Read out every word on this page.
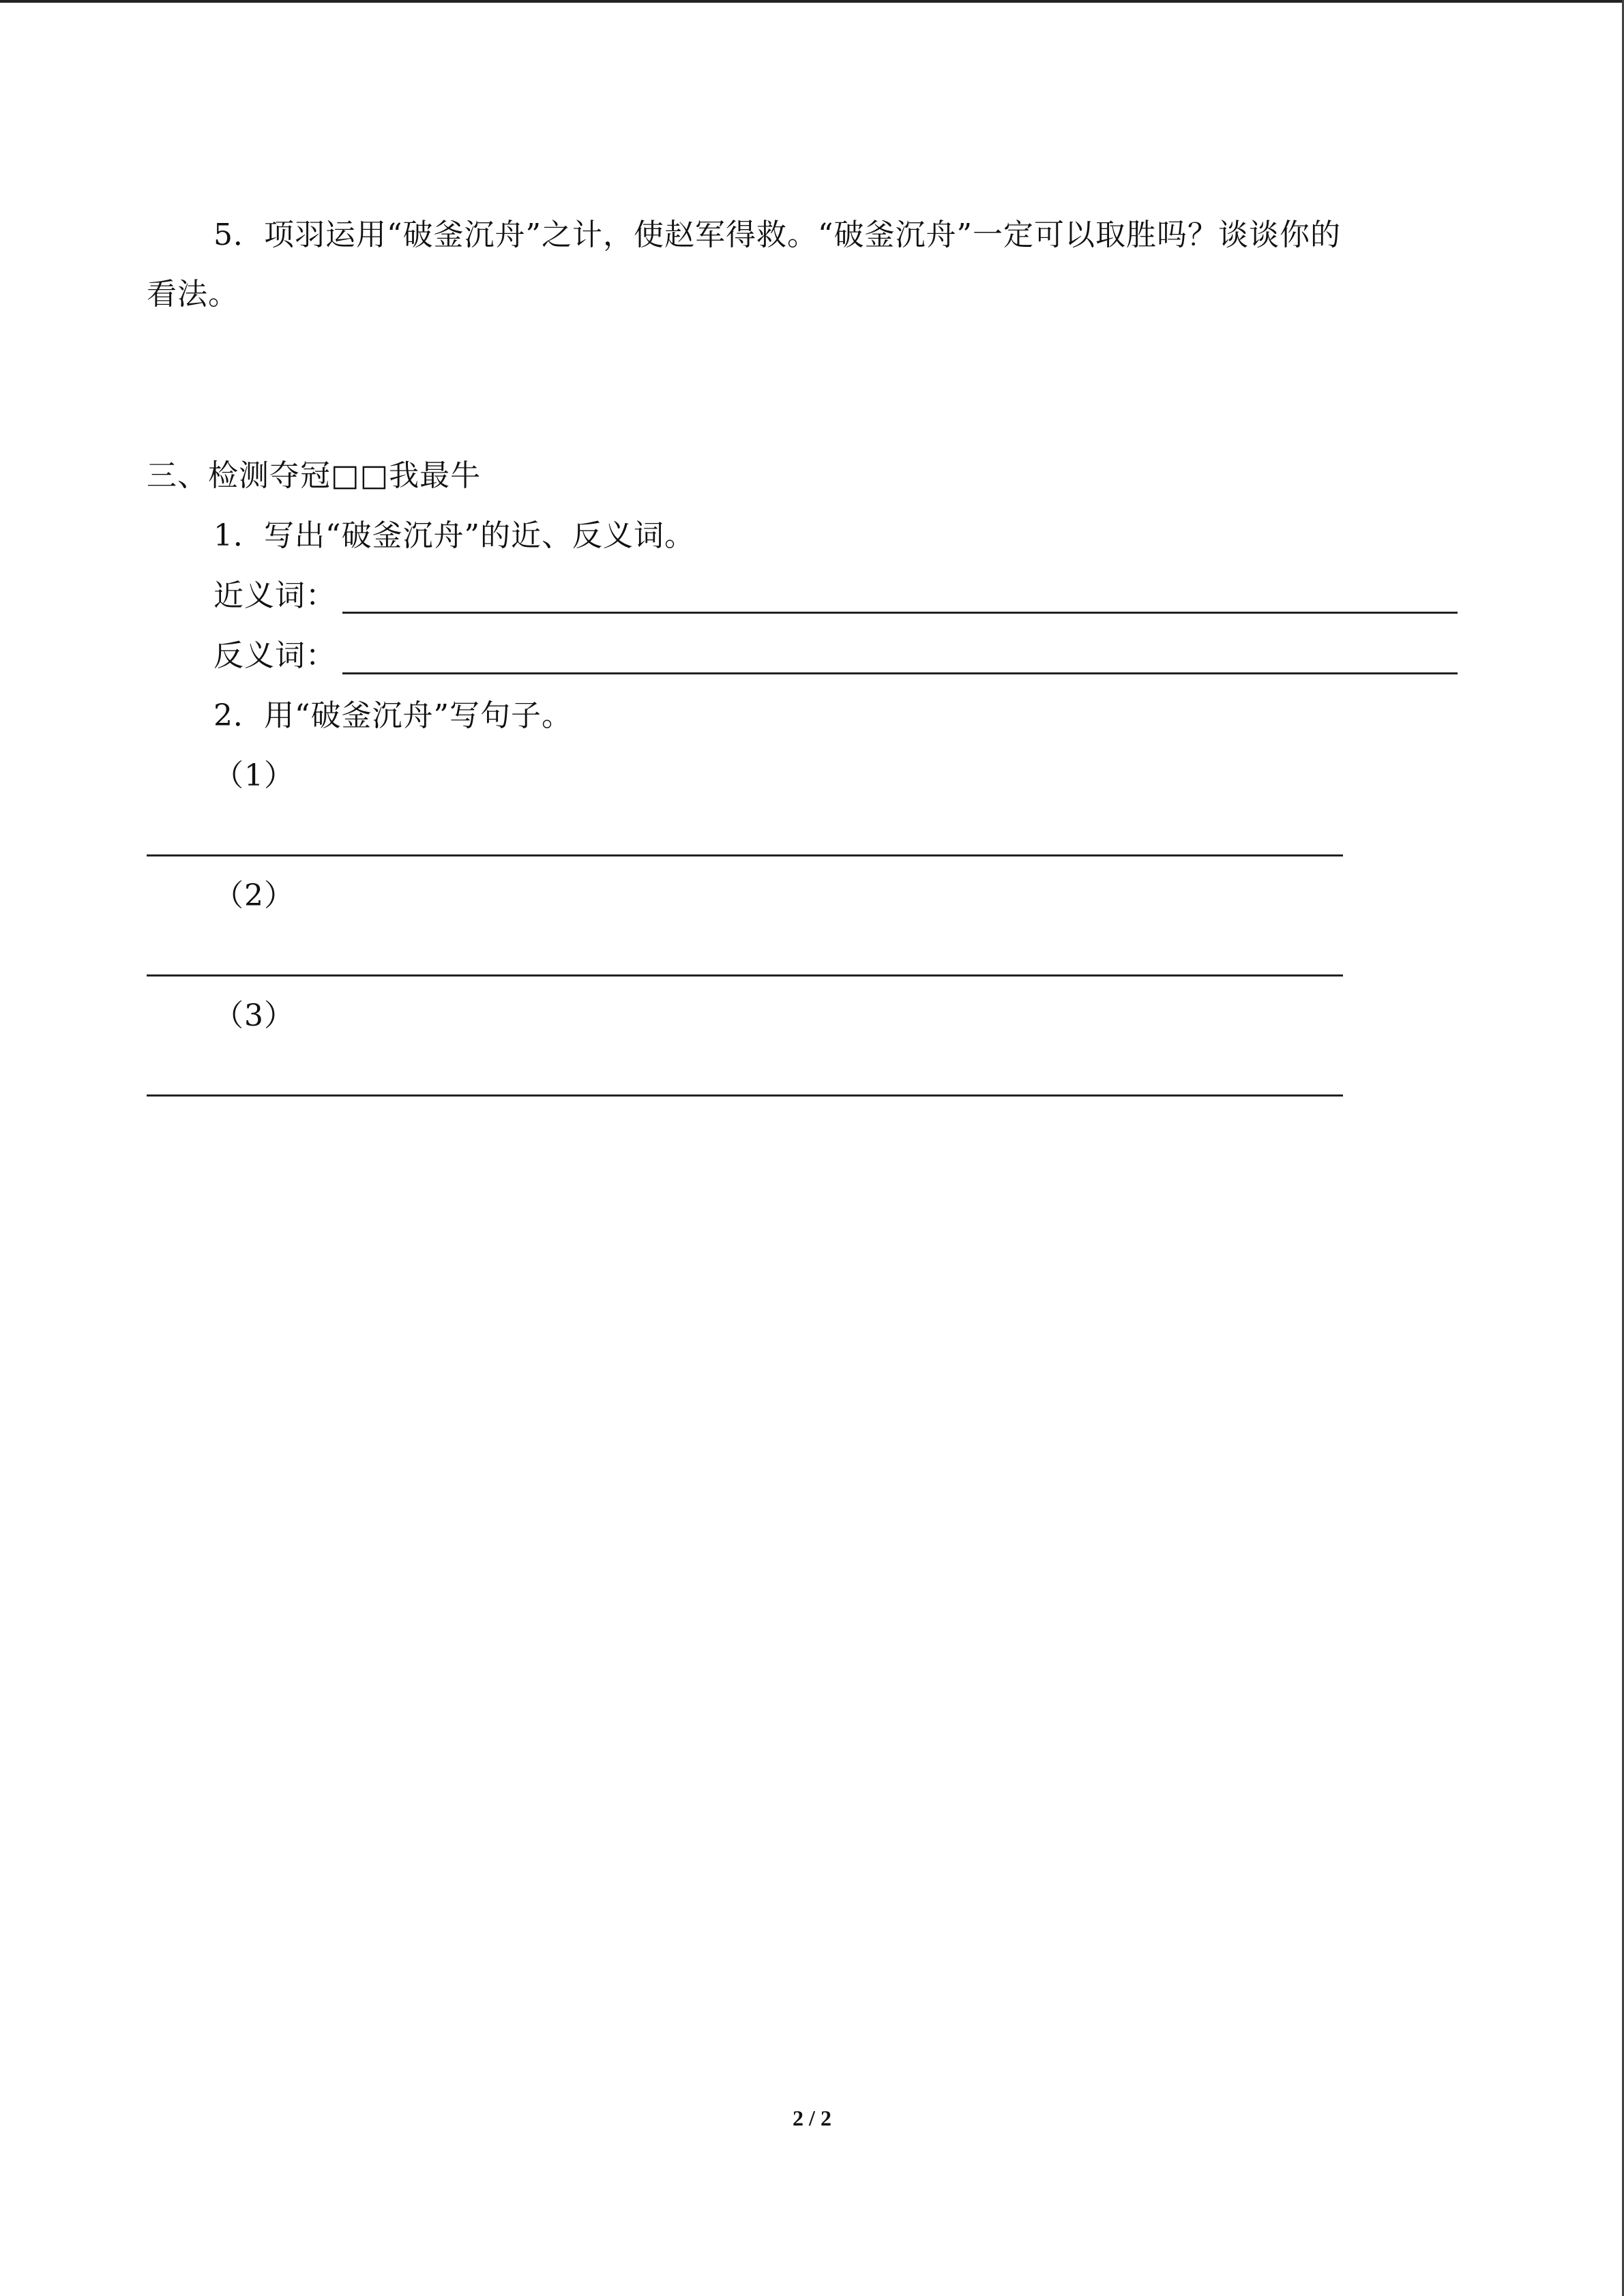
5．项羽运用“破釜沉舟”之计，使赵军得救。“破釜沉舟”一定可以取胜吗？谈谈你的
看法。
三、检测夺冠□□我最牛
1．写出“破釜沉舟”的近、反义词。
近义词：
反义词：
2．用“破釜沉舟”写句子。
（1）
（2）
（3）
2 / 2
